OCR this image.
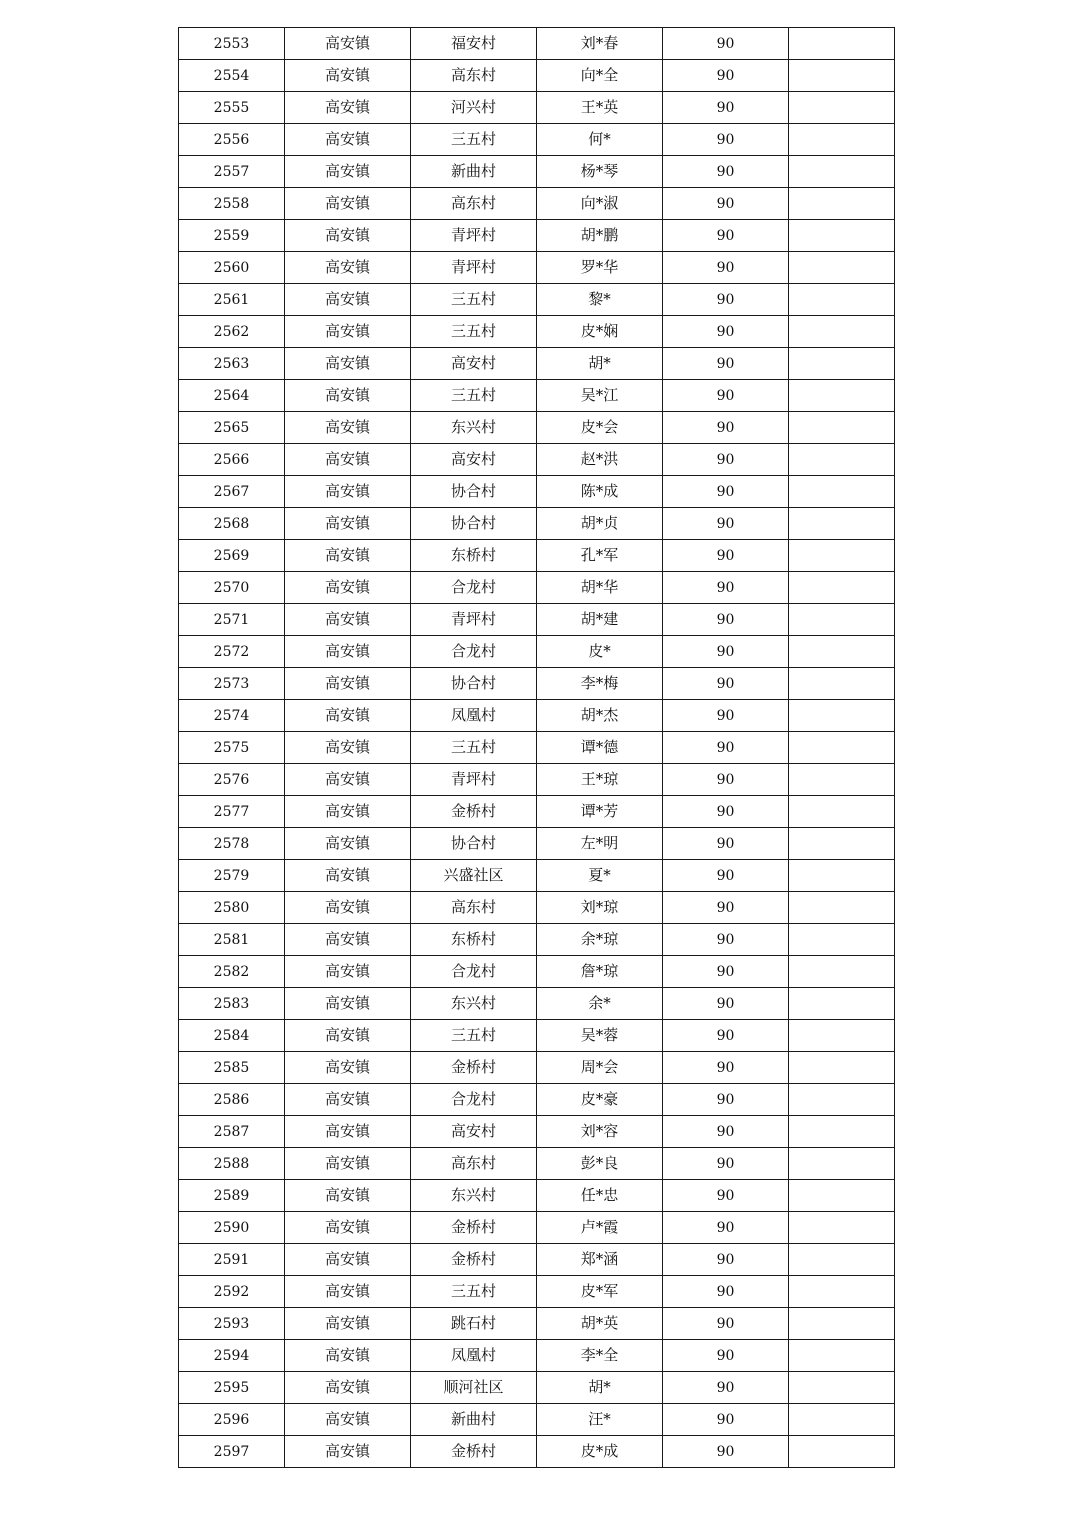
2553	高安镇	福安村	刘*春	90	
2554	高安镇	高东村	向*全	90	
2555	高安镇	河兴村	王*英	90	
2556	高安镇	三五村	何*	90	
2557	高安镇	新曲村	杨*琴	90	
2558	高安镇	高东村	向*淑	90	
2559	高安镇	青坪村	胡*鹏	90	
2560	高安镇	青坪村	罗*华	90	
2561	高安镇	三五村	黎*	90	
2562	高安镇	三五村	皮*娴	90	
2563	高安镇	高安村	胡*	90	
2564	高安镇	三五村	吴*江	90	
2565	高安镇	东兴村	皮*会	90	
2566	高安镇	高安村	赵*洪	90	
2567	高安镇	协合村	陈*成	90	
2568	高安镇	协合村	胡*贞	90	
2569	高安镇	东桥村	孔*军	90	
2570	高安镇	合龙村	胡*华	90	
2571	高安镇	青坪村	胡*建	90	
2572	高安镇	合龙村	皮*	90	
2573	高安镇	协合村	李*梅	90	
2574	高安镇	凤凰村	胡*杰	90	
2575	高安镇	三五村	谭*德	90	
2576	高安镇	青坪村	王*琼	90	
2577	高安镇	金桥村	谭*芳	90	
2578	高安镇	协合村	左*明	90	
2579	高安镇	兴盛社区	夏*	90	
2580	高安镇	高东村	刘*琼	90	
2581	高安镇	东桥村	余*琼	90	
2582	高安镇	合龙村	詹*琼	90	
2583	高安镇	东兴村	余*	90	
2584	高安镇	三五村	吴*蓉	90	
2585	高安镇	金桥村	周*会	90	
2586	高安镇	合龙村	皮*豪	90	
2587	高安镇	高安村	刘*容	90	
2588	高安镇	高东村	彭*良	90	
2589	高安镇	东兴村	任*忠	90	
2590	高安镇	金桥村	卢*霞	90	
2591	高安镇	金桥村	郑*涵	90	
2592	高安镇	三五村	皮*军	90	
2593	高安镇	跳石村	胡*英	90	
2594	高安镇	凤凰村	李*全	90	
2595	高安镇	顺河社区	胡*	90	
2596	高安镇	新曲村	汪*	90	
2597	高安镇	金桥村	皮*成	90	
